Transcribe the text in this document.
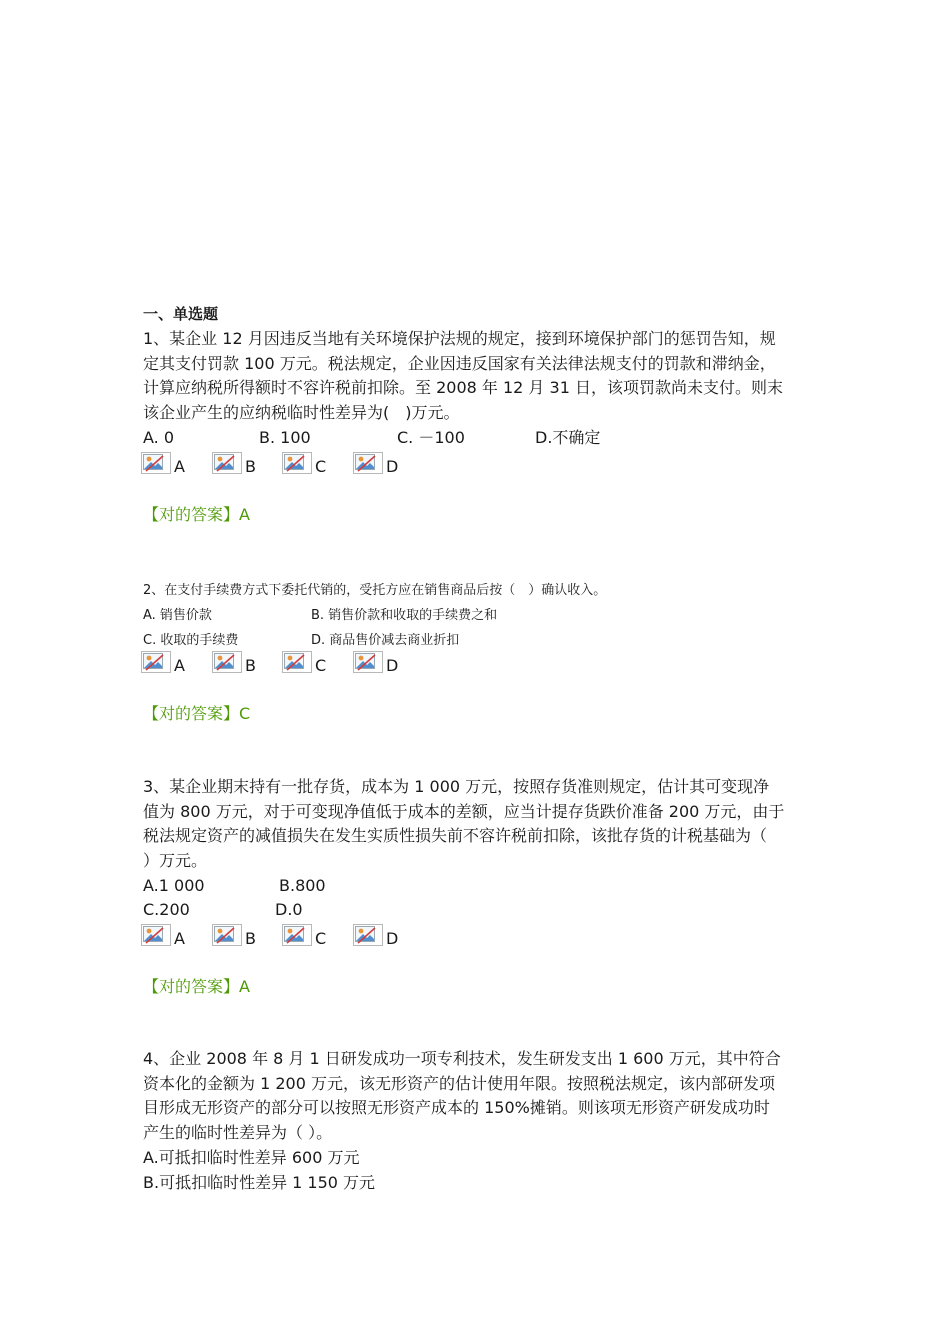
一、单选题
1、某企业 12 月因违反当地有关环境保护法规的规定，接到环境保护部门的惩罚告知，规
定其支付罚款 100 万元。税法规定，企业因违反国家有关法律法规支付的罚款和滞纳金，
计算应纳税所得额时不容许税前扣除。至 2008 年 12 月 31 日，该项罚款尚未支付。则末
该企业产生的应纳税临时性差异为(　)万元。
A. 0	B. 100	C. －100	D.不确定
A	B	C	D
【对的答案】A
2、在支付手续费方式下委托代销的，受托方应在销售商品后按（　）确认收入。
A. 销售价款	B. 销售价款和收取的手续费之和
C. 收取的手续费	D. 商品售价减去商业折扣
A	B	C	D
【对的答案】C
3、某企业期末持有一批存货，成本为 1 000 万元，按照存货准则规定，估计其可变现净
值为 800 万元，对于可变现净值低于成本的差额，应当计提存货跌价准备 200 万元，由于
税法规定资产的减值损失在发生实质性损失前不容许税前扣除，该批存货的计税基础为（
）万元。
A.1 000	B.800
C.200	D.0
A	B	C	D
【对的答案】A
4、企业 2008 年 8 月 1 日研发成功一项专利技术，发生研发支出 1 600 万元，其中符合
资本化的金额为 1 200 万元，该无形资产的估计使用年限。按照税法规定，该内部研发项
目形成无形资产的部分可以按照无形资产成本的 150%摊销。则该项无形资产研发成功时
产生的临时性差异为（ ）。
A.可抵扣临时性差异 600 万元
B.可抵扣临时性差异 1 150 万元
